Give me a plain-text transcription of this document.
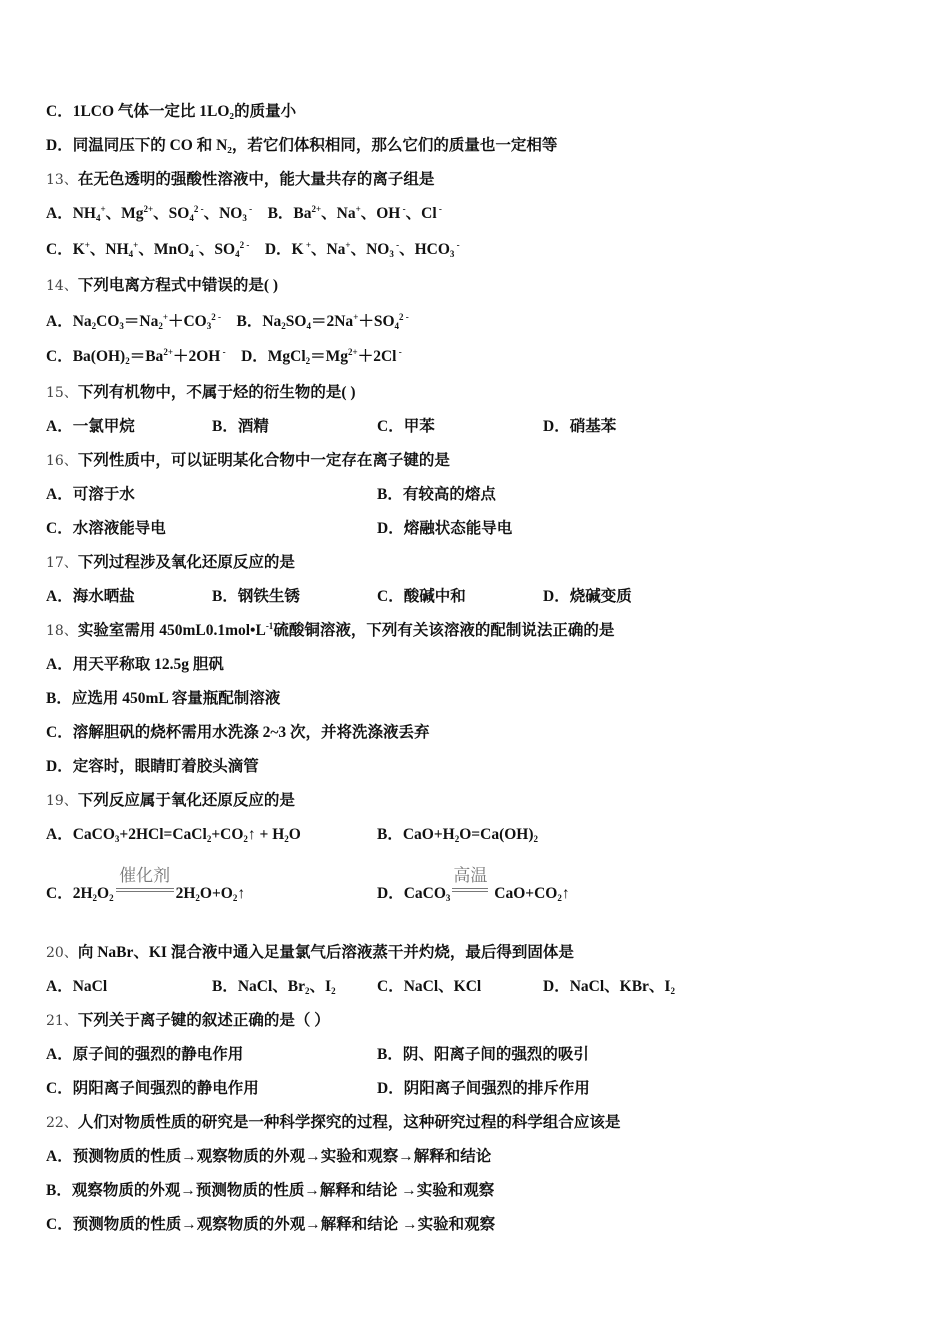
C．1LCO 气体一定比 1LO₂的质量小
D．同温同压下的 CO 和 N₂，若它们体积相同，那么它们的质量也一定相等
13、在无色透明的强酸性溶液中，能大量共存的离子组是
A．$NH_4^+$、$Mg^{2+}$、$SO_4^{2 -}$、$NO_3$ -    B．$Ba^{2+}$、Na+、OH -、Cl -
C．K+、$NH_4^+$、MnO$_4$ -、$SO_4^{2 -}$    D．K +、Na+、$NO_3$ -、$HCO_3$ -
14、下列电离方程式中错误的是( )
A．$Na_2CO_3=Na_2^++CO_3^{2 -}$    B．$Na_2SO_4=2Na^++SO_4^{2 -}$
C．$Ba(OH)_2=Ba^{2+}+2OH$ -    D．$MgCl_2=Mg^{2+}+2Cl$ -
15、下列有机物中，不属于烃的衍生物的是( )
A．一氯甲烷	B．酒精	C．甲苯	D．硝基苯
16、下列性质中，可以证明某化合物中一定存在离子键的是
A．可溶于水	B．有较高的熔点
C．水溶液能导电	D．熔融状态能导电
17、下列过程涉及氧化还原反应的是
A．海水晒盐	B．钢铁生锈	C．酸碱中和	D．烧碱变质
18、实验室需用 $450mL0.1mol•L^{-1}$硫酸铜溶液，下列有关该溶液的配制说法正确的是
A．用天平称取 12.5g 胆矾
B．应选用 450mL 容量瓶配制溶液
C．溶解胆矾的烧杯需用水洗涤 2~3 次，并将洗涤液丢弃
D．定容时，眼睛盯着胶头滴管
19、下列反应属于氧化还原反应的是
A．$CaCO_3+2HCl=CaCl_2+CO_2↑ + H_2O$	B．$CaO+H_2O=Ca(OH)_2$
C．$2H_2O_2$
催化剂
$2H_2O+O_2↑$	D．CaCO$_3$
高温
$CaO+CO_2↑$
20、向 NaBr、KI 混合液中通入足量氯气后溶液蒸干并灼烧，最后得到固体是
A．NaCl	B．NaCl、$Br_2$、$I_2$	C．NaCl、KCl	D．NaCl、KBr、$I_2$
21、下列关于离子键的叙述正确的是（ ）
A．原子间的强烈的静电作用	B．阴、阳离子间的强烈的吸引
C．阴阳离子间强烈的静电作用	D．阴阳离子间强烈的排斥作用
22、人们对物质性质的研究是一种科学探究的过程，这种研究过程的科学组合应该是
A．预测物质的性质→观察物质的外观→实验和观察→解释和结论
B．观察物质的外观→预测物质的性质→解释和结论 →实验和观察
C．预测物质的性质→观察物质的外观→解释和结论 →实验和观察
